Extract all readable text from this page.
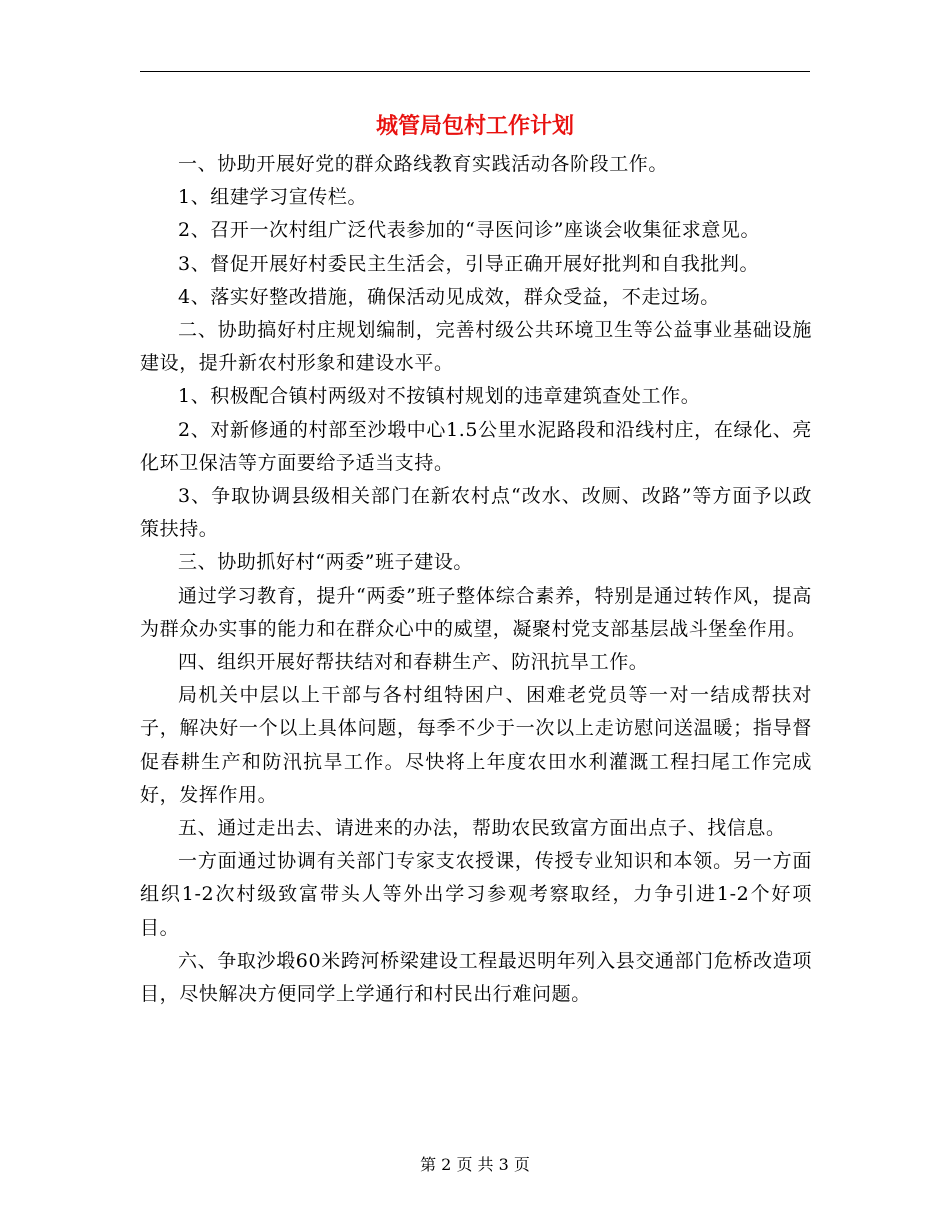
城管局包村工作计划

一、协助开展好党的群众路线教育实践活动各阶段工作。

1、组建学习宣传栏。

2、召开一次村组广泛代表参加的“寻医问诊”座谈会收集征求意见。

3、督促开展好村委民主生活会，引导正确开展好批判和自我批判。

4、落实好整改措施，确保活动见成效，群众受益，不走过场。

二、协助搞好村庄规划编制，完善村级公共环境卫生等公益事业基础设施建设，提升新农村形象和建设水平。

1、积极配合镇村两级对不按镇村规划的违章建筑查处工作。

2、对新修通的村部至沙塅中心1.5公里水泥路段和沿线村庄，在绿化、亮化环卫保洁等方面要给予适当支持。

3、争取协调县级相关部门在新农村点“改水、改厕、改路”等方面予以政策扶持。

三、协助抓好村“两委”班子建设。

通过学习教育，提升“两委”班子整体综合素养，特别是通过转作风，提高为群众办实事的能力和在群众心中的威望，凝聚村党支部基层战斗堡垒作用。

四、组织开展好帮扶结对和春耕生产、防汛抗旱工作。

局机关中层以上干部与各村组特困户、困难老党员等一对一结成帮扶对子，解决好一个以上具体问题，每季不少于一次以上走访慰问送温暖；指导督促春耕生产和防汛抗旱工作。尽快将上年度农田水利灌溉工程扫尾工作完成好，发挥作用。

五、通过走出去、请进来的办法，帮助农民致富方面出点子、找信息。

一方面通过协调有关部门专家支农授课，传授专业知识和本领。另一方面组织1-2次村级致富带头人等外出学习参观考察取经，力争引进1-2个好项目。

六、争取沙塅60米跨河桥梁建设工程最迟明年列入县交通部门危桥改造项目，尽快解决方便同学上学通行和村民出行难问题。

第 2 页 共 3 页
